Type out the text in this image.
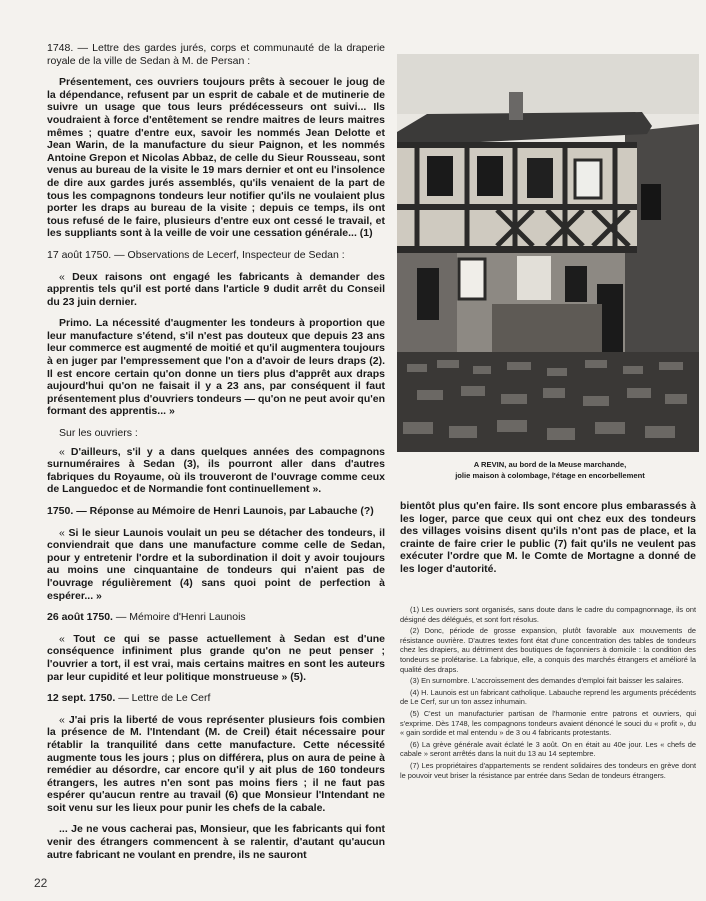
1748. — Lettre des gardes jurés, corps et communauté de la draperie royale de la ville de Sedan à M. de Persan :

Présentement, ces ouvriers toujours prêts à secouer le joug de la dépendance, refusent par un esprit de cabale et de mutinerie de suivre un usage que tous leurs prédécesseurs ont suivi... Ils voudraient à force d'entêtement se rendre maitres de leurs maitres mêmes ; quatre d'entre eux, savoir les nommés Jean Delotte et Jean Warin, de la manufacture du sieur Paignon, et les nommés Antoine Grepon et Nicolas Abbaz, de celle du Sieur Rousseau, sont venus au bureau de la visite le 19 mars dernier et ont eu l'insolence de dire aux gardes jurés assemblés, qu'ils venaient de la part de tous les compagnons tondeurs leur notifier qu'ils ne voulaient plus porter les draps au bureau de la visite ; depuis ce temps, ils ont tous refusé de le faire, plusieurs d'entre eux ont cessé le travail, et les suppliants sont à la veille de voir une cessation générale... (1)

17 août 1750. — Observations de Lecerf, Inspecteur de Sedan :

« Deux raisons ont engagé les fabricants à demander des apprentis tels qu'il est porté dans l'article 9 dudit arrêt du Conseil du 23 juin dernier.

Primo. La nécessité d'augmenter les tondeurs à proportion que leur manufacture s'étend, s'il n'est pas douteux que depuis 23 ans leur commerce est augmenté de moitié et qu'il augmentera toujours à en juger par l'empressement que l'on a d'avoir de leurs draps (2). Il est encore certain qu'on donne un tiers plus d'apprêt aux draps aujourd'hui qu'on ne faisait il y a 23 ans, par conséquent il faut présentement plus d'ouvriers tondeurs — qu'on ne peut avoir qu'en formant des apprentis... »

Sur les ouvriers :

« D'ailleurs, s'il y a dans quelques années des compagnons surnuméraires à Sedan (3), ils pourront aller dans d'autres fabriques du Royaume, où ils trouveront de l'ouvrage comme ceux de Languedoc et de Normandie font continuellement ».

1750. — Réponse au Mémoire de Henri Launois, par Labauche (?)

« Si le sieur Launois voulait un peu se détacher des tondeurs, il conviendrait que dans une manufacture comme celle de Sedan, pour y entretenir l'ordre et la subordination il doit y avoir toujours au moins une cinquantaine de tondeurs qui n'aient pas de l'ouvrage régulièrement (4) sans quoi point de perfection à espérer... »

26 août 1750. — Mémoire d'Henri Launois

« Tout ce qui se passe actuellement à Sedan est d'une conséquence infiniment plus grande qu'on ne peut penser ; l'ouvrier a tort, il est vrai, mais certains maitres en sont les auteurs par leur cupidité et leur politique monstrueuse » (5).

12 sept. 1750. — Lettre de Le Cerf

« J'ai pris la liberté de vous représenter plusieurs fois combien la présence de M. l'Intendant (M. de Creil) était nécessaire pour rétablir la tranquilité dans cette manufacture. Cette nécessité augmente tous les jours ; plus on différera, plus on aura de peine à remédier au désordre, car encore qu'il y ait plus de 160 tondeurs étrangers, les autres n'en sont pas moins fiers ; il ne faut pas espérer qu'aucun rentre au travail (6) que Monsieur l'Intendant ne soit venu sur les lieux pour punir les chefs de la cabale.

... Je ne vous cacherai pas, Monsieur, que les fabricants qui font venir des étrangers commencent à se ralentir, d'autant qu'aucun autre fabricant ne voulant en prendre, ils ne sauront

A REVIN, au bord de la Meuse marchande,
jolie maison à colombage, l'étage en encorbellement

bientôt plus qu'en faire. Ils sont encore plus embarassés à les loger, parce que ceux qui ont chez eux des tondeurs des villages voisins disent qu'ils n'ont pas de place, et la crainte de faire crier le public (7) fait qu'ils ne veulent pas exécuter l'ordre que M. le Comte de Mortagne a donné de les loger d'autorité.

(1) Les ouvriers sont organisés, sans doute dans le cadre du compagnonnage, ils ont désigné des délégués, et sont fort résolus.

(2) Donc, période de grosse expansion, plutôt favorable aux mouvements de résistance ouvrière. D'autres textes font état d'une concentration des tables de tondeurs chez les drapiers, au détriment des boutiques de façonniers à domicile : la condition des tondeurs se prolétarise. La fabrique, elle, a conquis des marchés étrangers et amélioré la qualité des draps.

(3) En surnombre. L'accroissement des demandes d'emploi fait baisser les salaires.

(4) H. Launois est un fabricant catholique. Labauche reprend les arguments précédents de Le Cerf, sur un ton assez inhumain.

(5) C'est un manufacturier partisan de l'harmonie entre patrons et ouvriers, qui s'exprime. Dès 1748, les compagnons tondeurs avaient dénoncé le souci du « profit », du « gain sordide et mal entendu » de 3 ou 4 fabricants protestants.

(6) La grève générale avait éclaté le 3 août. On en était au 40e jour. Les « chefs de cabale » seront arrêtés dans la nuit du 13 au 14 septembre.

(7) Les propriétaires d'appartements se rendent solidaires des tondeurs en grève dont le pouvoir veut briser la résistance par entrée dans Sedan de tondeurs étrangers.

22
